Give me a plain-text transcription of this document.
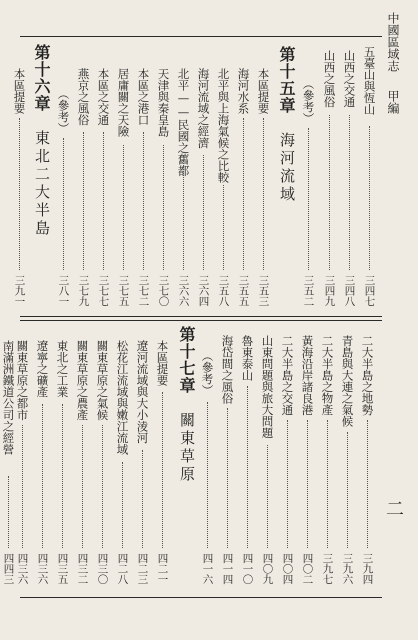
中國區域志
甲編
五臺山與恆山
三四七
山西之交通
三四八
山西之風俗
三四九
（參考）
三五二
第十五章
海河流域
本區提要
三五三
海河水系
三五五
北平與上海氣候之比較
三五八
海河流域之經濟
三六四
北平——民國之舊都
三六六
天津與秦皇島
三七〇
本區之港口
三七二
居庸關之天險
三七五
本區之交通
三七七
燕京之風俗
三七九
（參考）
三八一
第十六章
東北二大半島
本區提要
三九一
二大半島之地勢
三九四
青島與大連之氣候
三九六
二大半島之物產
三九七
黃海沿岸諸良港
四〇二
二大半島之交通
四〇四
山東問題與旅大問題
四〇九
魯東泰山
四一〇
海岱間之風俗
四一四
（參考）
四一六
第十七章
關東草原
本區提要
四二一
遼河流域與大小淩河
四二三
松花江流域與嫩江流域
四二八
關東草原之氣候
四三〇
關東草原之農產
四三二
東北之工業
四三五
遼寧之礦產
四三六
關東草原之都市
四三六
南滿洲鐵道公司之經營
四四三
二
